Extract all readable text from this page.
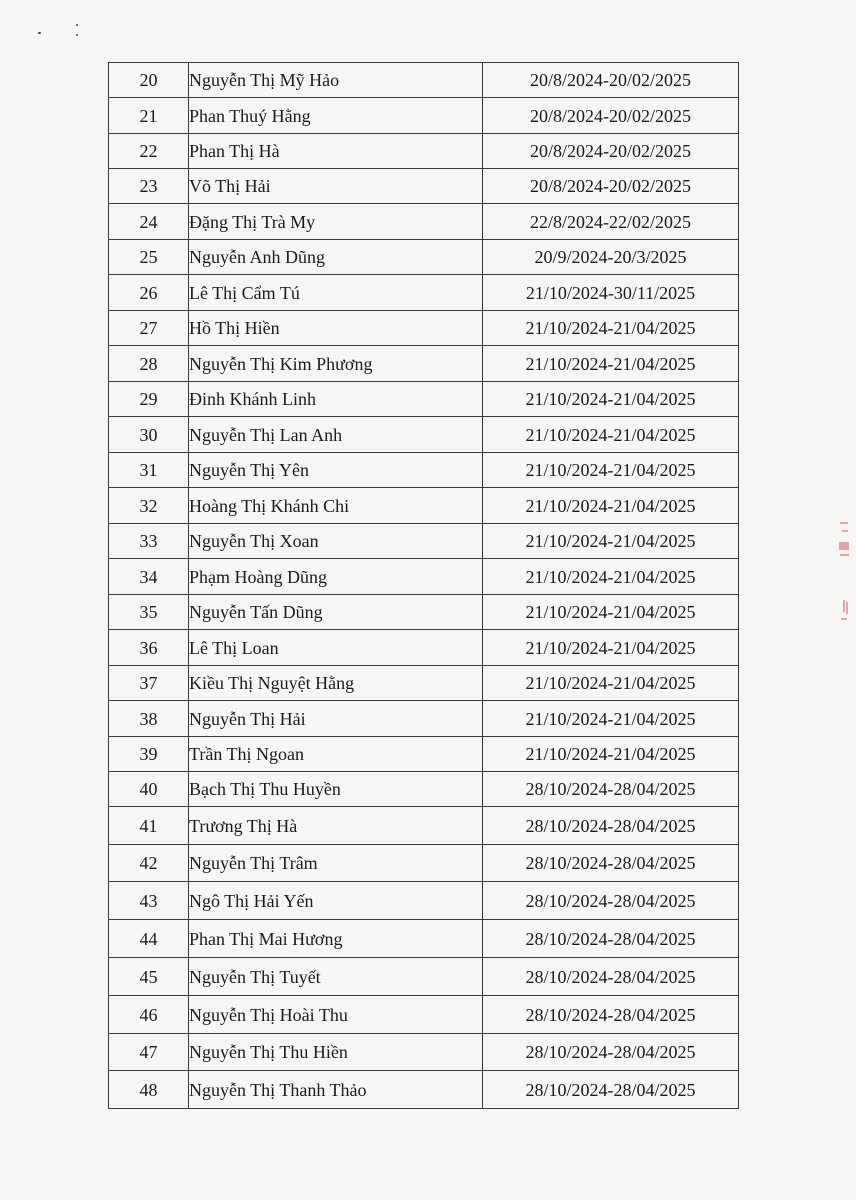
20	Nguyễn Thị Mỹ Hảo	20/8/2024-20/02/2025
21	Phan Thuý Hằng	20/8/2024-20/02/2025
22	Phan Thị Hà	20/8/2024-20/02/2025
23	Võ Thị Hải	20/8/2024-20/02/2025
24	Đặng Thị Trà My	22/8/2024-22/02/2025
25	Nguyễn Anh Dũng	20/9/2024-20/3/2025
26	Lê Thị Cẩm Tú	21/10/2024-30/11/2025
27	Hồ Thị Hiền	21/10/2024-21/04/2025
28	Nguyễn Thị Kim Phương	21/10/2024-21/04/2025
29	Đinh Khánh Linh	21/10/2024-21/04/2025
30	Nguyễn Thị Lan Anh	21/10/2024-21/04/2025
31	Nguyễn Thị Yên	21/10/2024-21/04/2025
32	Hoàng Thị Khánh Chi	21/10/2024-21/04/2025
33	Nguyễn Thị Xoan	21/10/2024-21/04/2025
34	Phạm Hoàng Dũng	21/10/2024-21/04/2025
35	Nguyễn Tấn Dũng	21/10/2024-21/04/2025
36	Lê Thị Loan	21/10/2024-21/04/2025
37	Kiều Thị Nguyệt Hằng	21/10/2024-21/04/2025
38	Nguyễn Thị Hải	21/10/2024-21/04/2025
39	Trần Thị Ngoan	21/10/2024-21/04/2025
40	Bạch Thị Thu Huyền	28/10/2024-28/04/2025
41	Trương Thị Hà	28/10/2024-28/04/2025
42	Nguyễn Thị Trâm	28/10/2024-28/04/2025
43	Ngô Thị Hải Yến	28/10/2024-28/04/2025
44	Phan Thị Mai Hương	28/10/2024-28/04/2025
45	Nguyễn Thị Tuyết	28/10/2024-28/04/2025
46	Nguyễn Thị Hoài Thu	28/10/2024-28/04/2025
47	Nguyễn Thị Thu Hiền	28/10/2024-28/04/2025
48	Nguyễn Thị Thanh Thảo	28/10/2024-28/04/2025
